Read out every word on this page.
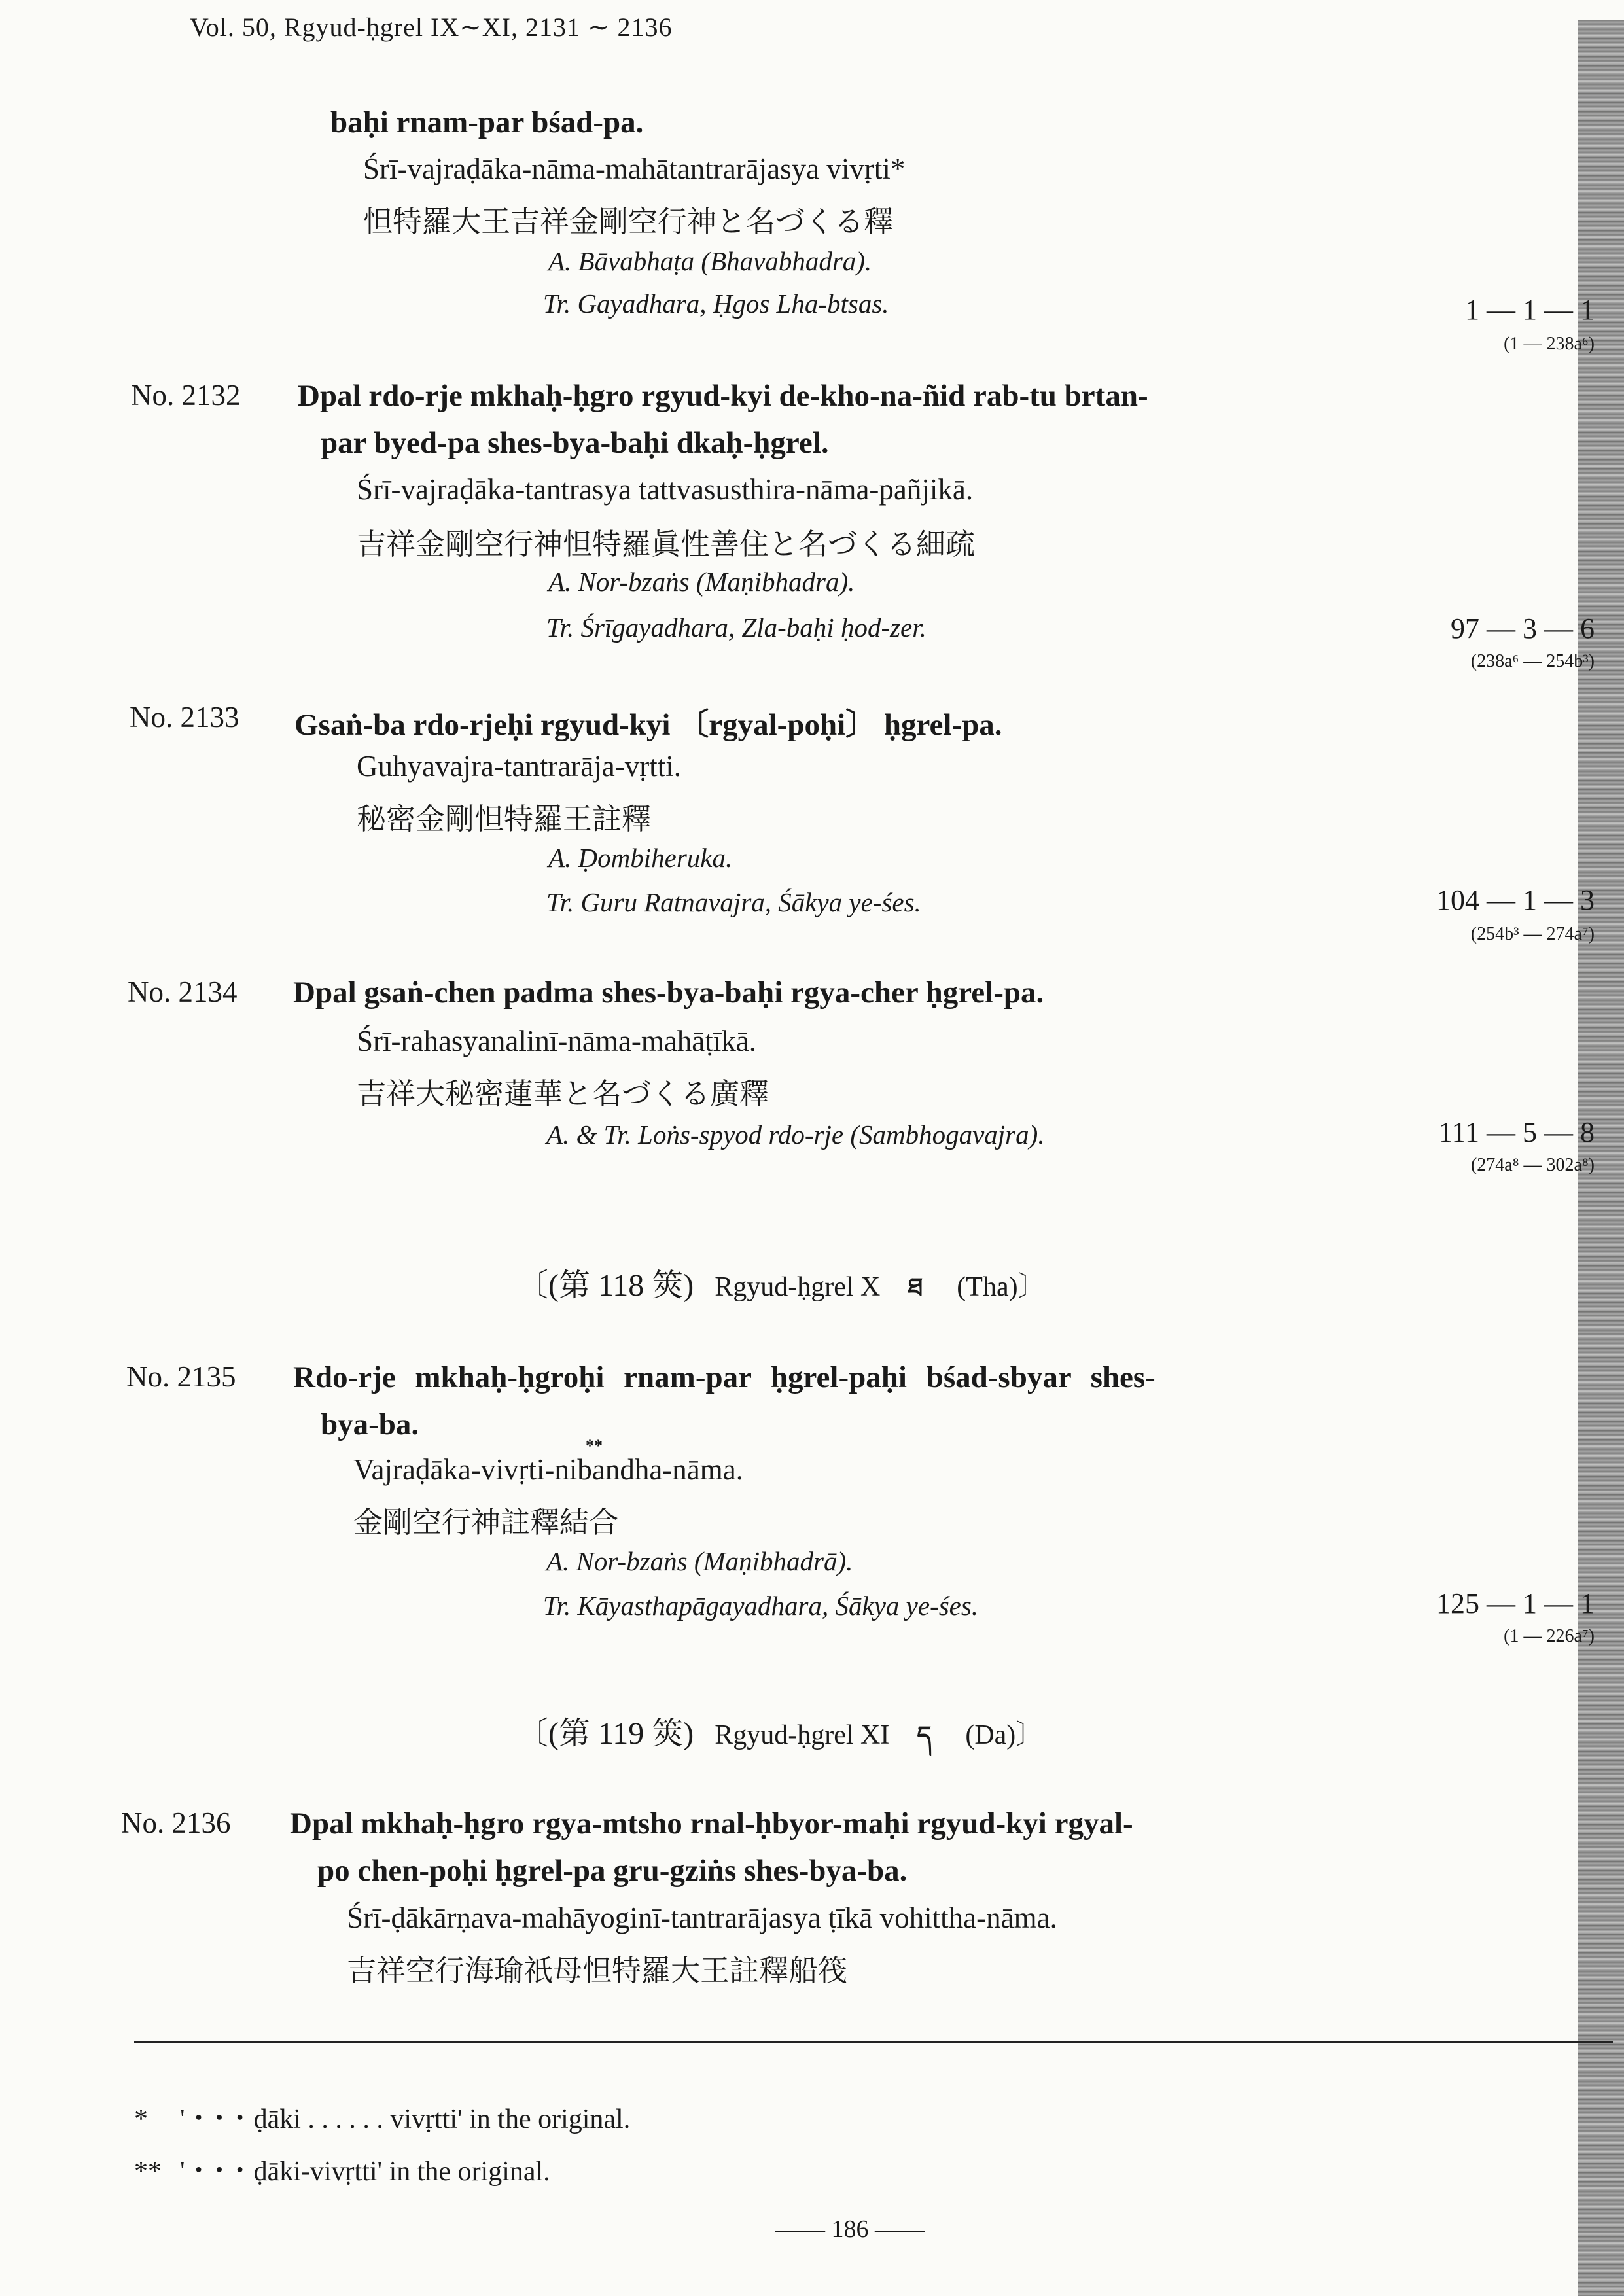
Vol. 50, Rgyud-ḥgrel IX∼XI, 2131 ∼ 2136
baḥi rnam-par bśad-pa.
Śrī-vajraḍāka-nāma-mahātantrarājasya vivṛti*
怛特羅大王吉祥金剛空行神と名づくる釋
A. Bāvabhaṭa (Bhavabhadra).
Tr. Gayadhara, Ḥgos Lha-btsas.	1 — 1 — 1
(1 — 238a⁶)
No. 2132 Dpal rdo-rje mkhaḥ-ḥgro rgyud-kyi de-kho-na-ñid rab-tu brtan-
par byed-pa shes-bya-baḥi dkaḥ-ḥgrel.
Śrī-vajraḍāka-tantrasya tattvasusthira-nāma-pañjikā.
吉祥金剛空行神怛特羅眞性善住と名づくる細疏
A. Nor-bzaṅs (Maṇibhadra).
Tr. Śrīgayadhara, Zla-baḥi ḥod-zer.	97 — 3 — 6
(238a⁶ — 254b³)
No. 2133 Gsaṅ-ba rdo-rjeḥi rgyud-kyi 〔rgyal-poḥi〕 ḥgrel-pa.
Guhyavajra-tantrarāja-vṛtti.
秘密金剛怛特羅王註釋
A. Ḍombiheruka.
Tr. Guru Ratnavajra, Śākya ye-śes.	104 — 1 — 3
(254b³ — 274a⁷)
No. 2134 Dpal gsaṅ-chen padma shes-bya-baḥi rgya-cher ḥgrel-pa.
Śrī-rahasyanalinī-nāma-mahāṭīkā.
吉祥大秘密蓮華と名づくる廣釋
A. & Tr. Loṅs-spyod rdo-rje (Sambhogavajra).	111 — 5 — 8
(274a⁸ — 302a⁸)
〔(第 118 筴) Rgyud-ḥgrel X ཐ (Tha)〕
No. 2135 Rdo-rje mkhaḥ-ḥgroḥi rnam-par ḥgrel-paḥi bśad-sbyar shes-
bya-ba.
**
Vajraḍāka-vivṛti-nibandha-nāma.
金剛空行神註釋結合
A. Nor-bzaṅs (Maṇibhadrā).
Tr. Kāyasthapāgayadhara, Śākya ye-śes.	125 — 1 — 1
(1 — 226a⁷)
〔(第 119 筴) Rgyud-ḥgrel XI ད (Da)〕
No. 2136 Dpal mkhaḥ-ḥgro rgya-mtsho rnal-ḥbyor-maḥi rgyud-kyi rgyal-
po chen-poḥi ḥgrel-pa gru-gziṅs shes-bya-ba.
Śrī-ḍākārṇava-mahāyoginī-tantrarājasya ṭīkā vohittha-nāma.
吉祥空行海瑜祇母怛特羅大王註釋船筏
* ' ･ ･ ･ ḍāki . . . . . . vivṛtti' in the original.
** ' ･ ･ ･ ḍāki-vivṛtti' in the original.
—— 186 ——
